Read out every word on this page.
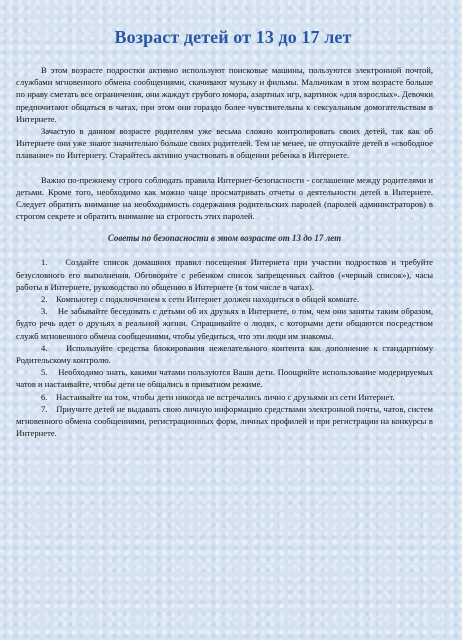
Возраст детей от 13 до 17 лет

В этом возрасте подростки активно используют поисковые машины, пользуются электронной почтой, службами мгновенного обмена сообщениями, скачивают музыку и фильмы. Мальчикам в этом возрасте больше по нраву сметать все ограничения, они жаждут грубого юмора, азартных игр, картинок «для взрослых». Девочки предпочитают общаться в чатах, при этом они гораздо более чувствительны к сексуальным домогательствам в Интернете.

Зачастую в данном возрасте родителям уже весьма сложно контролировать своих детей, так как об Интернете они уже знают значительно больше своих родителей. Тем не менее, не отпускайте детей в «свободное плавание» по Интернету. Старайтесь активно участвовать в общении ребенка в Интернете.

Важно по-прежнему строго соблюдать правила Интернет-безопасности - соглашение между родителями и детьми. Кроме того, необходимо как можно чаще просматривать отчеты о деятельности детей в Интернете. Следует обратить внимание на необходимость содержания родительских паролей (паролей администраторов) в строгом секрете и обратить внимание на строгость этих паролей.

Советы по безопасности в этом возрасте от 13 до 17 лет

1.    Создайте список домашних правил посещения Интернета при участии подростков и требуйте безусловного его выполнения. Обговорите с ребенком список запрещенных сайтов («черный список»), часы работы в Интернете, руководство по общению в Интернете (в том числе в чатах).

2.    Компьютер с подключением к сети Интернет должен находиться в общей комнате.

3.    Не забывайте беседовать с детьми об их друзьях в Интернете, о том, чем они заняты таким образом, будто речь идет о друзьях в реальной жизни. Спрашивайте о людях, с которыми дети общаются посредством служб мгновенного обмена сообщениями, чтобы убедиться, что эти люди им знакомы.

4.    Используйте средства блокирования нежелательного контента как дополнение к стандартному Родительскому контролю.

5.    Необходимо знать, какими чатами пользуются Ваши дети. Поощряйте использование модерируемых чатов и настаивайте, чтобы дети не общались в приватном режиме.

6.    Настаивайте на том, чтобы дети никогда не встречались лично с друзьями из сети Интернет.

7.    Приучите детей не выдавать свою личную информацию средствами электронной почты, чатов, систем мгновенного обмена сообщениями, регистрационных форм, личных профилей и при регистрации на конкурсы в Интернете.
